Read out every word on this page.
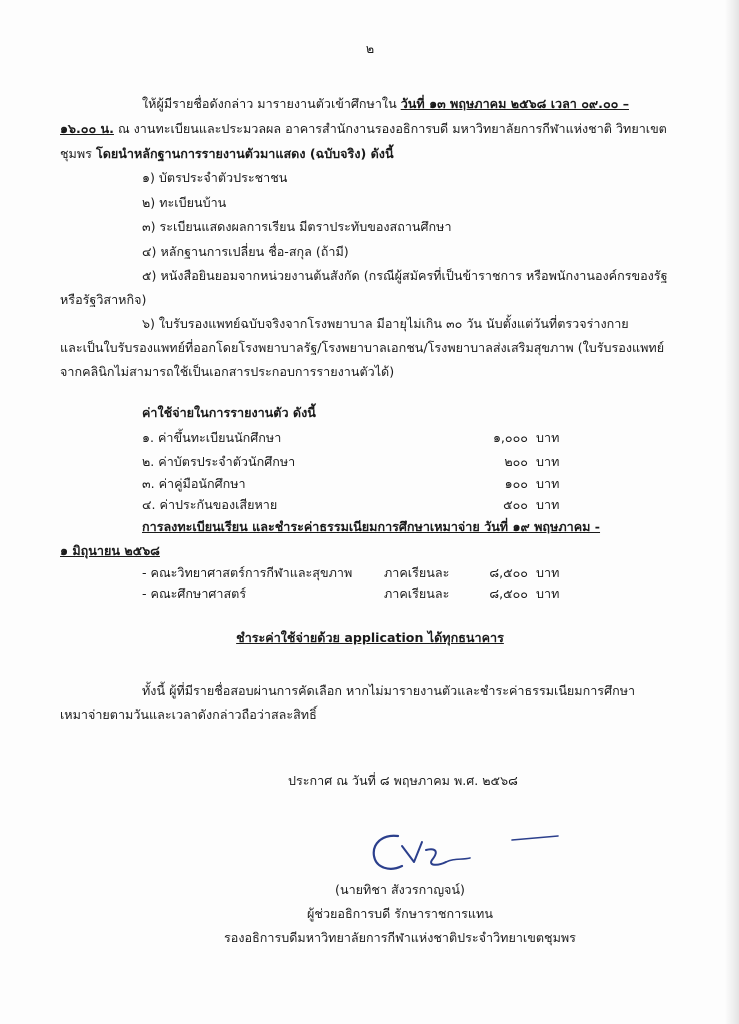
๒
ให้ผู้มีรายชื่อดังกล่าว มารายงานตัวเข้าศึกษาใน วันที่ ๑๓ พฤษภาคม ๒๕๖๘ เวลา ๐๙.๐๐ –
๑๖.๐๐ น. ณ งานทะเบียนและประมวลผล อาคารสำนักงานรองอธิการบดี มหาวิทยาลัยการกีฬาแห่งชาติ วิทยาเขต
ชุมพร โดยนำหลักฐานการรายงานตัวมาแสดง (ฉบับจริง) ดังนี้
๑) บัตรประจำตัวประชาชน
๒) ทะเบียนบ้าน
๓) ระเบียนแสดงผลการเรียน มีตราประทับของสถานศึกษา
๔) หลักฐานการเปลี่ยน ชื่อ-สกุล (ถ้ามี)
๕) หนังสือยินยอมจากหน่วยงานต้นสังกัด (กรณีผู้สมัครที่เป็นข้าราชการ หรือพนักงานองค์กรของรัฐ
หรือรัฐวิสาหกิจ)
๖) ใบรับรองแพทย์ฉบับจริงจากโรงพยาบาล มีอายุไม่เกิน ๓๐ วัน นับตั้งแต่วันที่ตรวจร่างกาย
และเป็นใบรับรองแพทย์ที่ออกโดยโรงพยาบาลรัฐ/โรงพยาบาลเอกชน/โรงพยาบาลส่งเสริมสุขภาพ (ใบรับรองแพทย์
จากคลินิกไม่สามารถใช้เป็นเอกสารประกอบการรายงานตัวได้)
ค่าใช้จ่ายในการรายงานตัว ดังนี้
๑. ค่าขึ้นทะเบียนนักศึกษา	๑,๐๐๐ บาท
๒. ค่าบัตรประจำตัวนักศึกษา	๒๐๐ บาท
๓. ค่าคู่มือนักศึกษา	๑๐๐ บาท
๔. ค่าประกันของเสียหาย	๕๐๐ บาท
การลงทะเบียนเรียน และชำระค่าธรรมเนียมการศึกษาเหมาจ่าย วันที่ ๑๙ พฤษภาคม -
๑ มิถุนายน ๒๕๖๘
- คณะวิทยาศาสตร์การกีฬาและสุขภาพ	ภาคเรียนละ	๘,๕๐๐ บาท
- คณะศึกษาศาสตร์	ภาคเรียนละ	๘,๕๐๐ บาท
ชำระค่าใช้จ่ายด้วย application ได้ทุกธนาคาร
ทั้งนี้ ผู้ที่มีรายชื่อสอบผ่านการคัดเลือก หากไม่มารายงานตัวและชำระค่าธรรมเนียมการศึกษา
เหมาจ่ายตามวันและเวลาดังกล่าวถือว่าสละสิทธิ์
ประกาศ ณ วันที่ ๘ พฤษภาคม พ.ศ. ๒๕๖๘
(นายทิชา สังวรกาญจน์)
ผู้ช่วยอธิการบดี รักษาราชการแทน
รองอธิการบดีมหาวิทยาลัยการกีฬาแห่งชาติประจำวิทยาเขตชุมพร
